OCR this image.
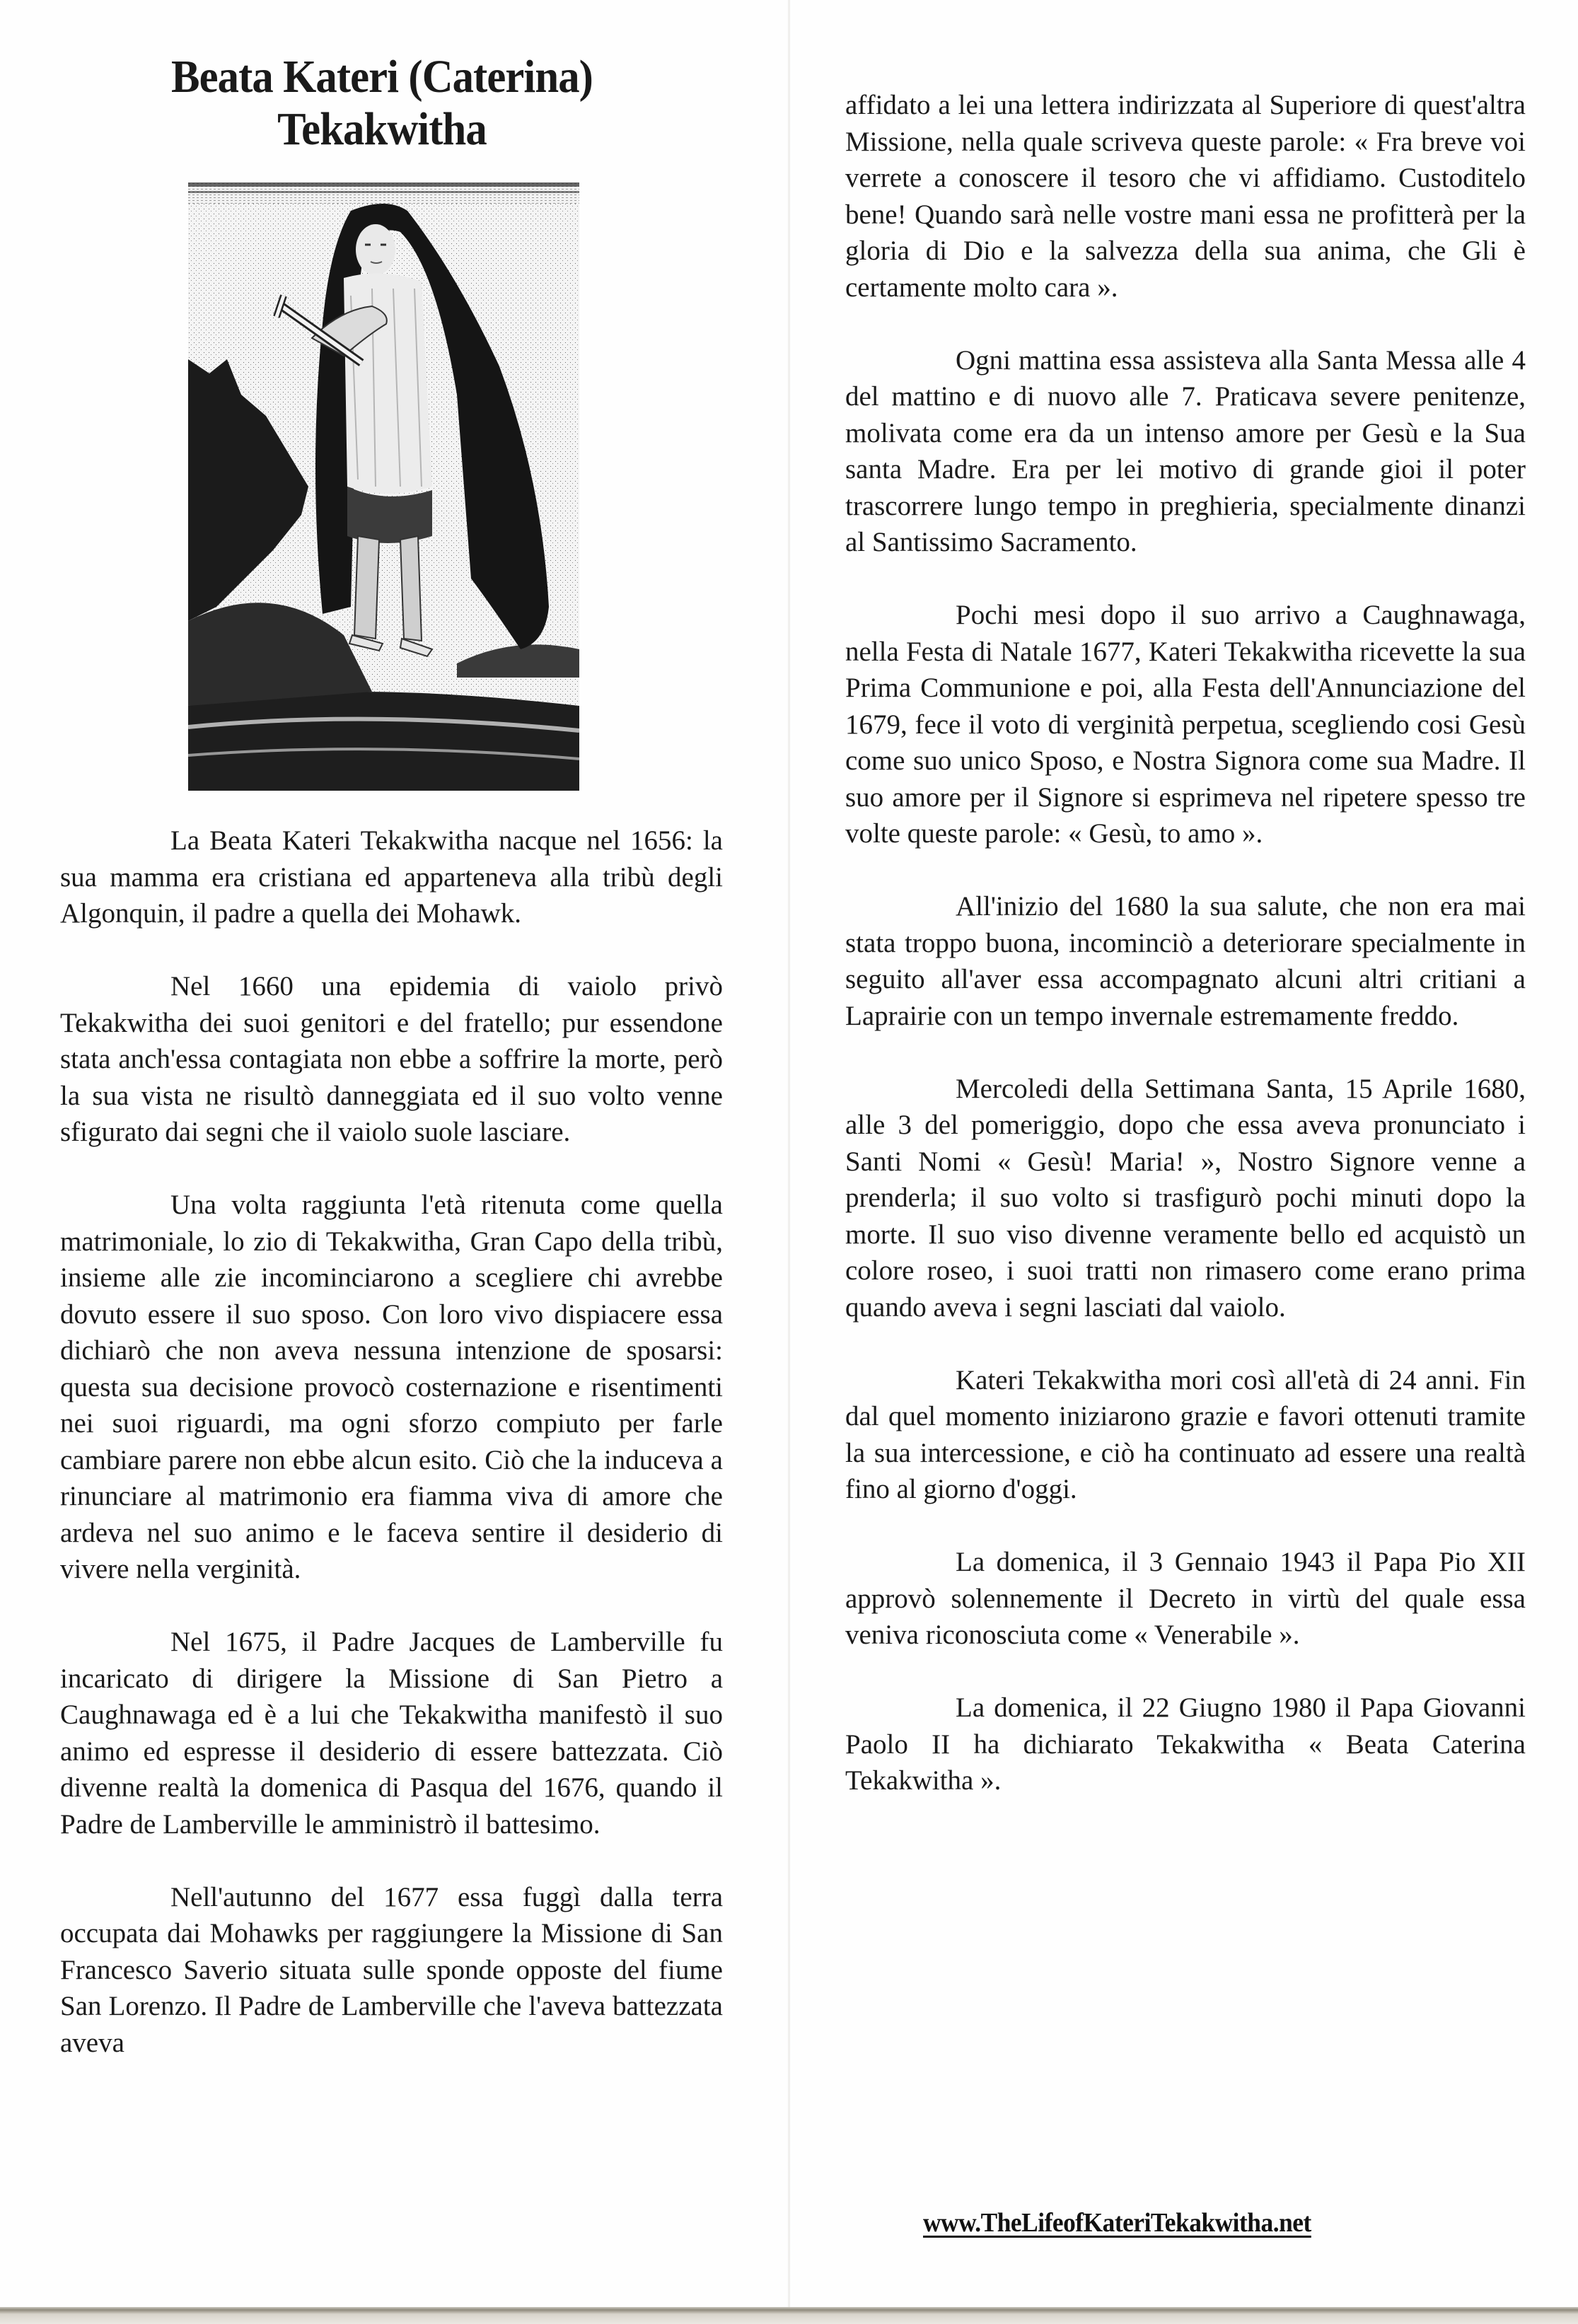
Beata Kateri (Caterina)
Tekakwitha

La Beata Kateri Tekakwitha nacque nel 1656: la sua mamma era cristiana ed apparteneva alla tribù degli Algonquin, il padre a quella dei Mohawk.

Nel 1660 una epidemia di vaiolo privò Tekakwitha dei suoi genitori e del fratello; pur essendone stata anch'essa contagiata non ebbe a soffrire la morte, però la sua vista ne risultò danneggiata ed il suo volto venne sfigurato dai segni che il vaiolo suole lasciare.

Una volta raggiunta l'età ritenuta come quella matrimoniale, lo zio di Tekakwitha, Gran Capo della tribù, insieme alle zie incominciarono a scegliere chi avrebbe dovuto essere il suo sposo. Con loro vivo dispiacere essa dichiarò che non aveva nessuna intenzione de sposarsi: questa sua decisione provocò costernazione e risentimenti nei suoi riguardi, ma ogni sforzo compiuto per farle cambiare parere non ebbe alcun esito. Ciò che la induceva a rinunciare al matrimonio era fiamma viva di amore che ardeva nel suo animo e le faceva sentire il desiderio di vivere nella verginità.

Nel 1675, il Padre Jacques de Lamberville fu incaricato di dirigere la Missione di San Pietro a Caughnawaga ed è a lui che Tekakwitha manifestò il suo animo ed espresse il desiderio di essere battezzata. Ciò divenne realtà la domenica di Pasqua del 1676, quando il Padre de Lamberville le amministrò il battesimo.

Nell'autunno del 1677 essa fuggì dalla terra occupata dai Mohawks per raggiungere la Missione di San Francesco Saverio situata sulle sponde opposte del fiume San Lorenzo. Il Padre de Lamberville che l'aveva battezzata aveva

affidato a lei una lettera indirizzata al Superiore di quest'altra Missione, nella quale scriveva queste parole: « Fra breve voi verrete a conoscere il tesoro che vi affidiamo. Custoditelo bene! Quando sarà nelle vostre mani essa ne profitterà per la gloria di Dio e la salvezza della sua anima, che Gli è certamente molto cara ».

Ogni mattina essa assisteva alla Santa Messa alle 4 del mattino e di nuovo alle 7. Praticava severe penitenze, molivata come era da un intenso amore per Gesù e la Sua santa Madre. Era per lei motivo di grande gioi il poter trascorrere lungo tempo in preghieria, specialmente dinanzi al Santissimo Sacramento.

Pochi mesi dopo il suo arrivo a Caughnawaga, nella Festa di Natale 1677, Kateri Tekakwitha ricevette la sua Prima Communione e poi, alla Festa dell'Annunciazione del 1679, fece il voto di verginità perpetua, scegliendo cosi Gesù come suo unico Sposo, e Nostra Signora come sua Madre. Il suo amore per il Signore si esprimeva nel ripetere spesso tre volte queste parole: « Gesù, to amo ».

All'inizio del 1680 la sua salute, che non era mai stata troppo buona, incominciò a deteriorare specialmente in seguito all'aver essa accompagnato alcuni altri critiani a Laprairie con un tempo invernale estremamente freddo.

Mercoledi della Settimana Santa, 15 Aprile 1680, alle 3 del pomeriggio, dopo che essa aveva pronunciato i Santi Nomi « Gesù! Maria! », Nostro Signore venne a prenderla; il suo volto si trasfigurò pochi minuti dopo la morte. Il suo viso divenne veramente bello ed acquistò un colore roseo, i suoi tratti non rimasero come erano prima quando aveva i segni lasciati dal vaiolo.

Kateri Tekakwitha mori così all'età di 24 anni. Fin dal quel momento iniziarono grazie e favori ottenuti tramite la sua intercessione, e ciò ha continuato ad essere una realtà fino al giorno d'oggi.

La domenica, il 3 Gennaio 1943 il Papa Pio XII approvò solennemente il Decreto in virtù del quale essa veniva riconosciuta come « Venerabile ».

La domenica, il 22 Giugno 1980 il Papa Giovanni Paolo II ha dichiarato Tekakwitha « Beata Caterina Tekakwitha ».

www.TheLifeofKateriTekakwitha.net
